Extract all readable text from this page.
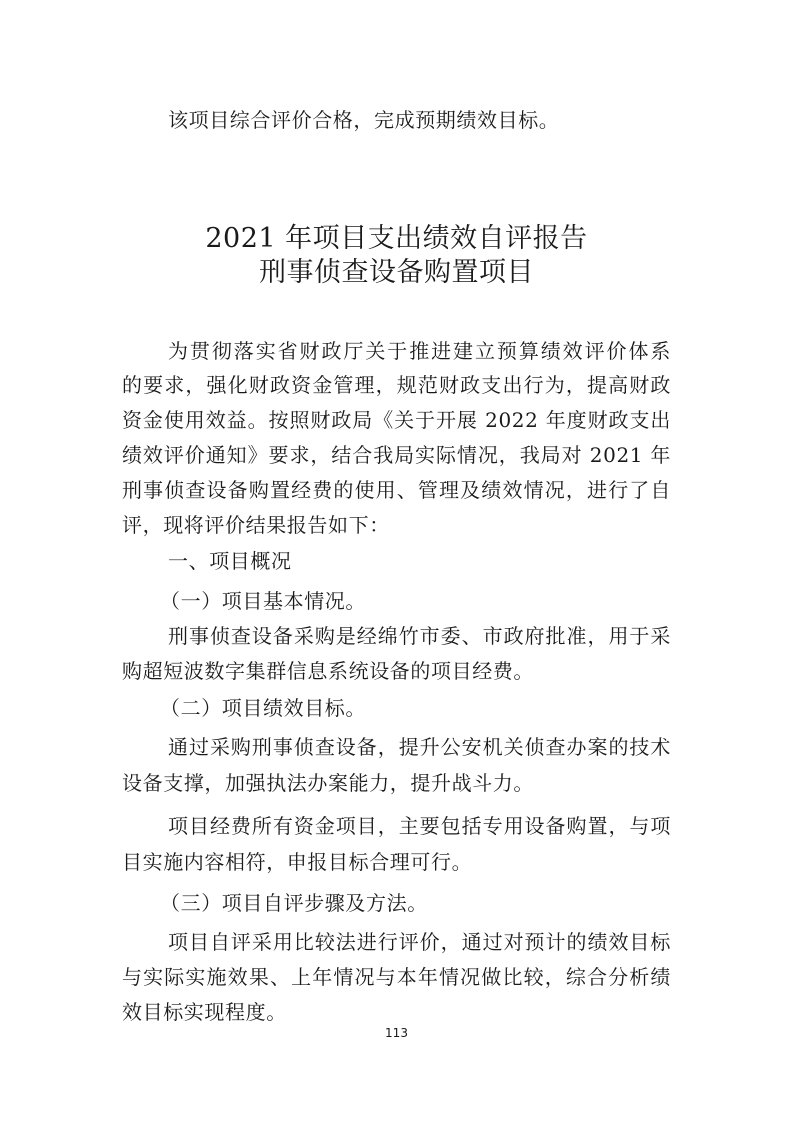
该项目综合评价合格，完成预期绩效目标。
2021 年项目支出绩效自评报告
刑事侦查设备购置项目
为贯彻落实省财政厅关于推进建立预算绩效评价体系
的要求，强化财政资金管理，规范财政支出行为，提高财政
资金使用效益。按照财政局《关于开展 2022 年度财政支出
绩效评价通知》要求，结合我局实际情况，我局对 2021 年
刑事侦查设备购置经费的使用、管理及绩效情况，进行了自
评，现将评价结果报告如下：
一、项目概况
（一）项目基本情况。
刑事侦查设备采购是经绵竹市委、市政府批准，用于采
购超短波数字集群信息系统设备的项目经费。
（二）项目绩效目标。
通过采购刑事侦查设备，提升公安机关侦查办案的技术
设备支撑，加强执法办案能力，提升战斗力。
项目经费所有资金项目，主要包括专用设备购置，与项
目实施内容相符，申报目标合理可行。
（三）项目自评步骤及方法。
项目自评采用比较法进行评价，通过对预计的绩效目标
与实际实施效果、上年情况与本年情况做比较，综合分析绩
效目标实现程度。
113
